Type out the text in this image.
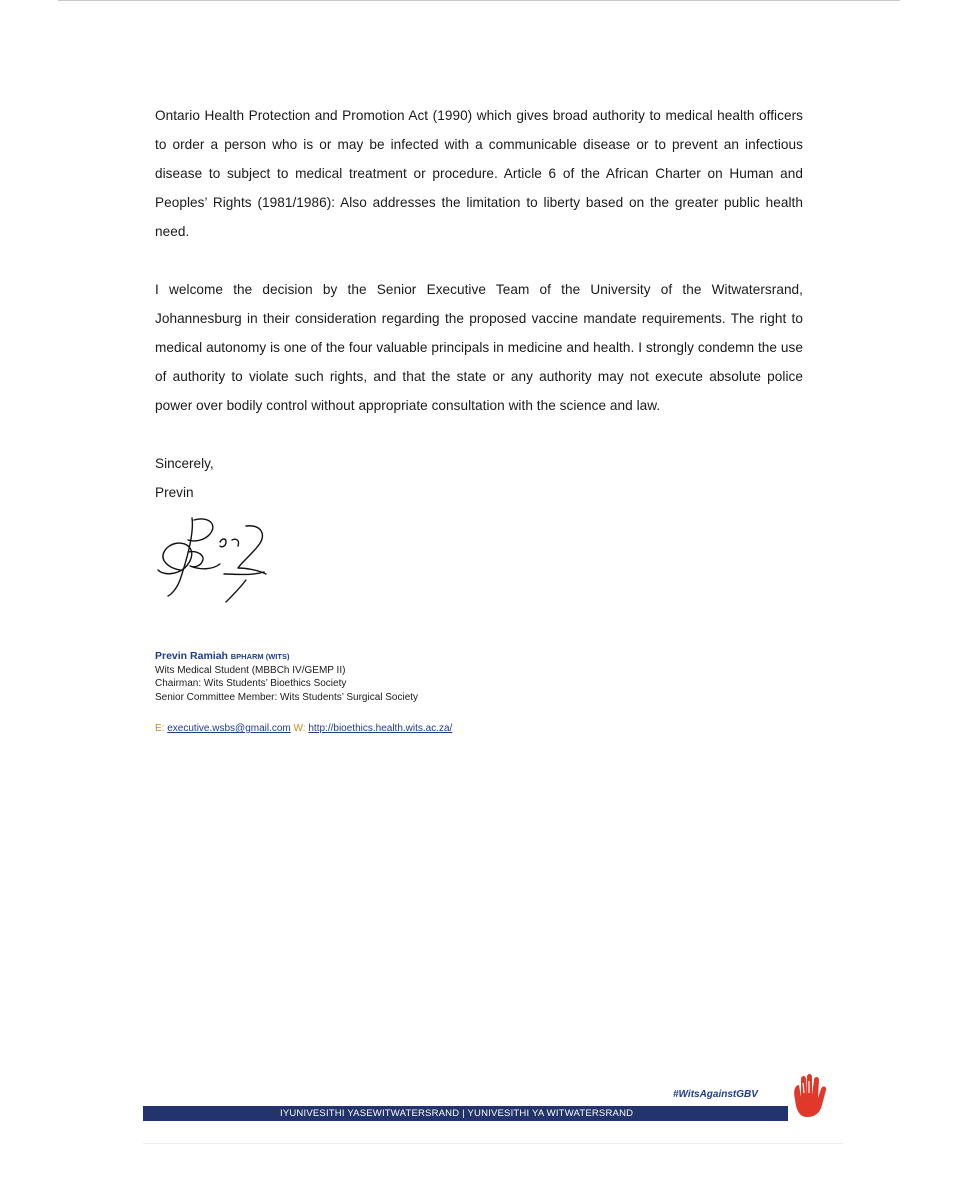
Ontario Health Protection and Promotion Act (1990) which gives broad authority to medical health officers to order a person who is or may be infected with a communicable disease or to prevent an infectious disease to subject to medical treatment or procedure. Article 6 of the African Charter on Human and Peoples’ Rights (1981/1986): Also addresses the limitation to liberty based on the greater public health need.

I welcome the decision by the Senior Executive Team of the University of the Witwatersrand, Johannesburg in their consideration regarding the proposed vaccine mandate requirements. The right to medical autonomy is one of the four valuable principals in medicine and health. I strongly condemn the use of authority to violate such rights, and that the state or any authority may not execute absolute police power over bodily control without appropriate consultation with the science and law.

Sincerely,
Previn
Previn Ramiah BPHARM (WITS)
Wits Medical Student (MBBCh IV/GEMP II)
Chairman: Wits Students’ Bioethics Society
Senior Committee Member: Wits Students’ Surgical Society
E: executive.wsbs@gmail.com W: http://bioethics.health.wits.ac.za/
#WitsAgainstGBV
IYUNIVESITHI YASEWITWATERSRAND | YUNIVESITHI YA WITWATERSRAND
